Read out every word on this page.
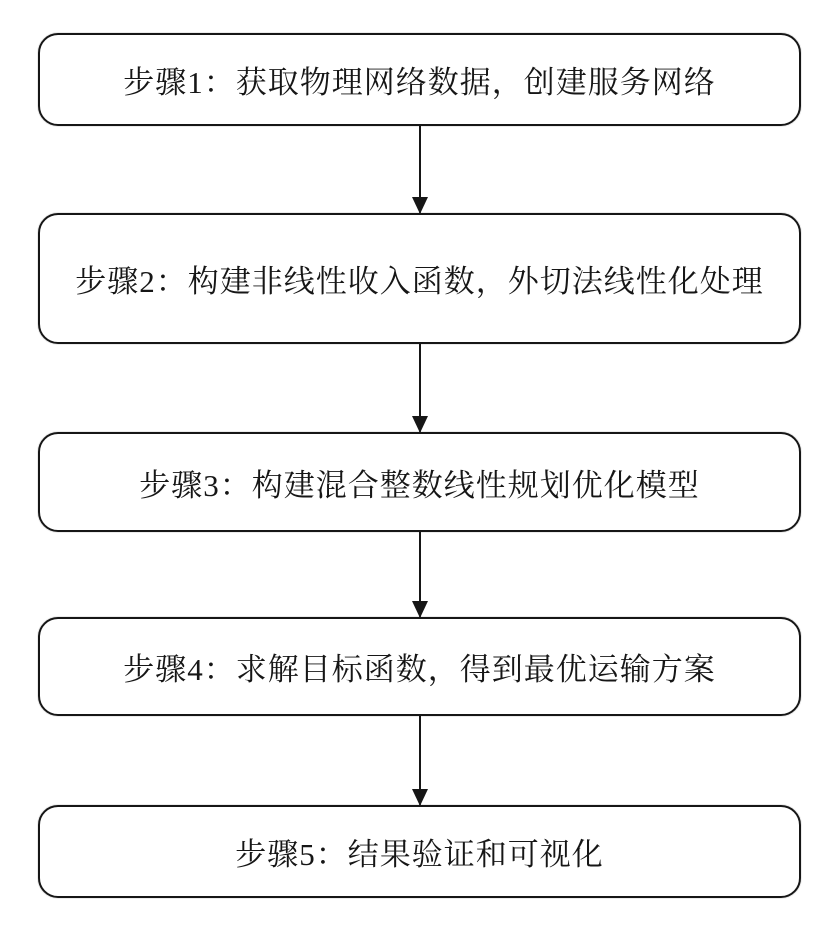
步骤1：获取物理网络数据，创建服务网络
步骤2：构建非线性收入函数，外切法线性化处理
步骤3：构建混合整数线性规划优化模型
步骤4：求解目标函数，得到最优运输方案
步骤5：结果验证和可视化
